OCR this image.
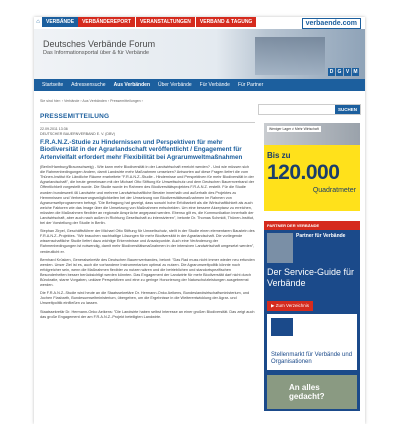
⌂	VERBÄNDE	VERBÄNDEREPORT	VERANSTALTUNGEN	VERBAND & TAGUNG	verbaende.com
Deutsches Verbände Forum
Das Informationsportal über & für Verbände
D G V M
Startseite	Adressensuche	Aus Verbänden	Über Verbände	Für Verbände	Für Partner
Sie sind hier: › Verbände › Aus Verbänden › Pressemitteilungen ›
SUCHEN
PRESSEMITTEILUNG
22.09.2011 13:36
DEUTSCHER BAUERNVERBAND E. V. (DBV)
F.R.A.N.Z.-Studie zu Hindernissen und Perspektiven für mehr Biodiversität in der Agrarlandschaft veröffentlicht / Engagement für Artenvielfalt erfordert mehr Flexibilität bei Agrarumweltmaßnahmen

(Berlin/Hamburg/Braunschweig) - Wie kann mehr Biodiversität in der Landwirtschaft erreicht werden? - Und wie müssen sich die Rahmenbedingungen ändern, damit Landwirte mehr Maßnahmen umsetzen? Antworten auf diese Fragen liefert die vom Thünen-Institut für Ländliche Räume erarbeitete "F.R.A.N.Z.-Studie - Hindernisse und Perspektiven für mehr Biodiversität in der Agrarlandschaft", die heute gemeinsam mit der Michael Otto Stiftung für Umweltschutz und dem Deutschen Bauernverband der Öffentlichkeit vorgestellt wurde. Die Studie wurde im Rahmen des Biodiversitätsprojektes F.R.A.N.Z. erstellt. Für die Studie wurden bundesweit 46 Landwirte und mehrere Landwirtschaftliche Berater innerhalb und außerhalb des Projektes zu Hemmnissen und Verbesserungsmöglichkeiten bei der Umsetzung von Biodiversitätsmaßnahmen im Rahmen von Agrarumweltprogrammen befragt. "Die Befragung hat gezeigt, dass sowohl hohe Erfolbarkeit als die Wirtschaftlichkeit als auch weiche Faktoren wie das Image über die Umsetzung von Maßnahmen entscheiden. Um eine bessere Akzeptanz zu erreichen, müssten die Maßnahmen flexibler an regionale Ansprüche angepasst werden. Ebenso gilt es, die Kommunikation innerhalb der Landwirtschaft, aber auch nach außen in Richtung Gesellschaft zu intensivieren", betonte Dr. Thomas Schmidt, Thünen-Institut, bei der Vorstellung der Studie in Berlin.

Stephan Zirpel, Geschäftsführer der Michael Otto Stiftung für Umweltschutz, stellt in der Studie einen elementaren Baustein des F.R.A.N.Z.-Projektes. "Wir brauchen nachhaltige Lösungen für mehr Biodiversität in der Agrarlandschaft. Die vorliegende wissenschaftliche Studie liefert dazu wichtige Erkenntnisse und Ansatzpunkte. Auch eine Veränderung der Rahmenbedingungen ist notwendig, damit mehr Biodiversitätsmaßnahmen in der intensiven Landwirtschaft umgesetzt werden", verdeutlicht er.

Bernhard Krüsken, Generalsekretär des Deutschen Bauernverbandes, betont: "Das Rad muss nicht immer wieder neu erfunden werden. Unser Ziel ist es, auch die vorhandene Instrumentarium optimal zu nutzen. Die Agrarumweltpolitik könnte noch erfolgreicher sein, wenn die Maßnahmen flexibler zu nutzen wären und die betrieblichen und standortspezifischen Besonderheiten besser berücksichtigt werden könnten. Das Engagement der Landwirte für mehr Biodiversität darf nicht durch Bürokratie, starre Vorgaben, unklare Perspektiven und eine zu geringe Honorierung der Naturschutzleistungen ausgebremst werden.

Die F.R.A.N.Z.-Studie wird heute an die Staatssekretäre Dr. Hermann-Onko Aeikens, Bundeslandwirtschaftsministerium, und Jochen Flasbarth, Bundesumweltministerium, übergeben, um die Ergebnisse in die Weiterentwicklung der Agrar- und Umweltpolitik einfließen zu lassen.

Staatssekretär Dr. Hermann-Onko Aeikens: "Die Landwirte haben selbst Interesse an einer großen Biodiversität. Das zeigt auch das große Engagement der am F.R.A.N.Z.-Projekt beteiligten Landwirte.

Weniger Lager ≠ Mehr Wirtschaft
Bis zu
120.000
Quadratmeter
PARTNER DER VERBÄNDE
Partner für Verbände
Der Service-Guide für Verbände
▶ Zum Verzeichnis
Stellenmarkt für Verbände und Organisationen
An alles gedacht?
